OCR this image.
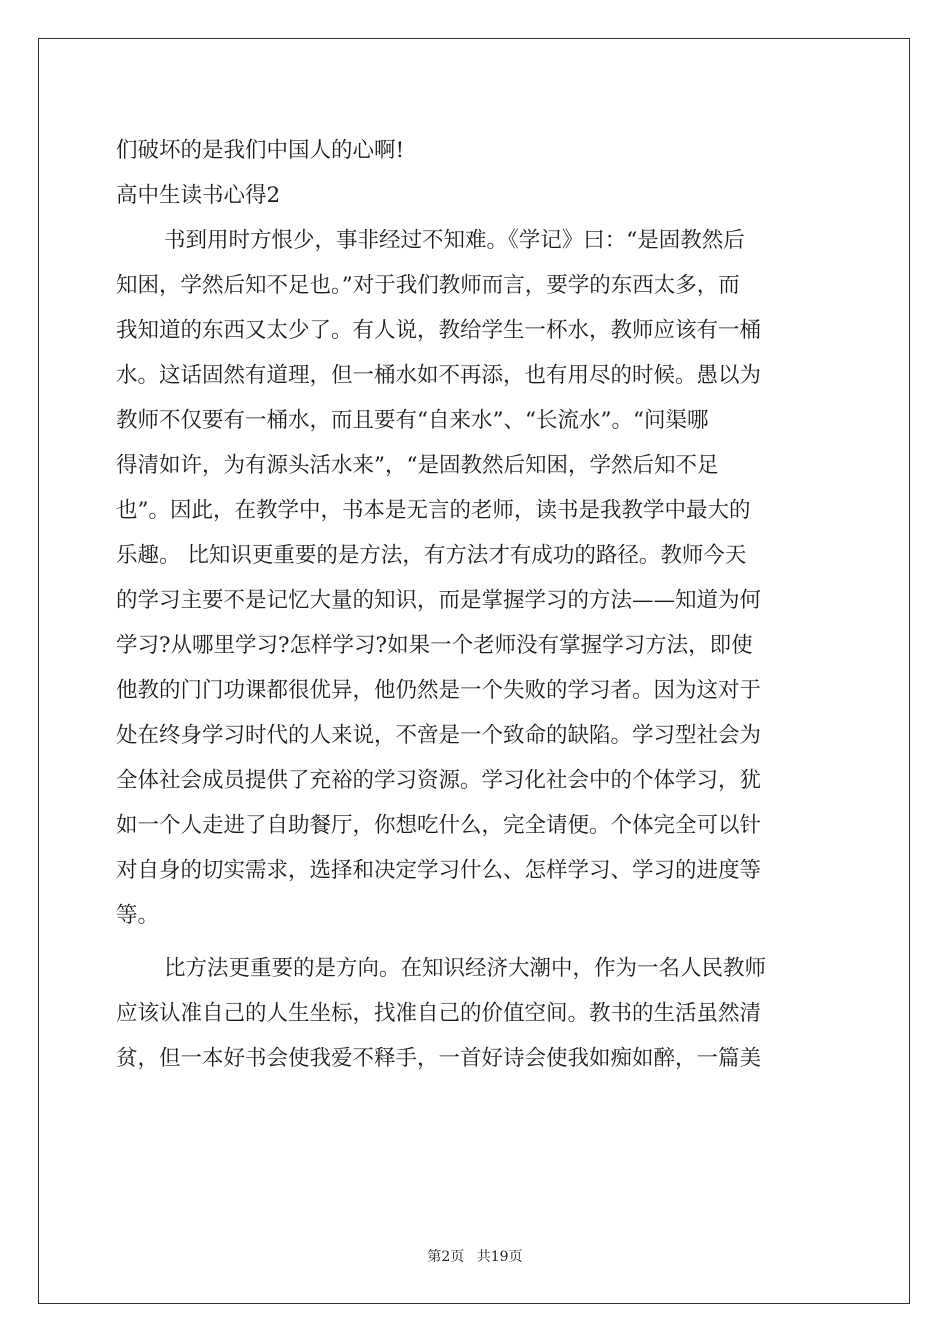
们破坏的是我们中国人的心啊!
高中生读书心得2
书到用时方恨少，事非经过不知难。《学记》曰：“是固教然后
知困，学然后知不足也。”对于我们教师而言，要学的东西太多，而
我知道的东西又太少了。有人说，教给学生一杯水，教师应该有一桶
水。这话固然有道理，但一桶水如不再添，也有用尽的时候。愚以为
教师不仅要有一桶水，而且要有“自来水”、“长流水”。“问渠哪
得清如许，为有源头活水来”，“是固教然后知困，学然后知不足
也”。因此，在教学中，书本是无言的老师，读书是我教学中最大的
乐趣。 比知识更重要的是方法，有方法才有成功的路径。教师今天
的学习主要不是记忆大量的知识，而是掌握学习的方法——知道为何
学习?从哪里学习?怎样学习?如果一个老师没有掌握学习方法，即使
他教的门门功课都很优异，他仍然是一个失败的学习者。因为这对于
处在终身学习时代的人来说，不啻是一个致命的缺陷。学习型社会为
全体社会成员提供了充裕的学习资源。学习化社会中的个体学习，犹
如一个人走进了自助餐厅，你想吃什么，完全请便。个体完全可以针
对自身的切实需求，选择和决定学习什么、怎样学习、学习的进度等
等。
比方法更重要的是方向。在知识经济大潮中，作为一名人民教师
应该认准自己的人生坐标，找准自己的价值空间。教书的生活虽然清
贫，但一本好书会使我爱不释手，一首好诗会使我如痴如醉，一篇美
第2页 共19页
